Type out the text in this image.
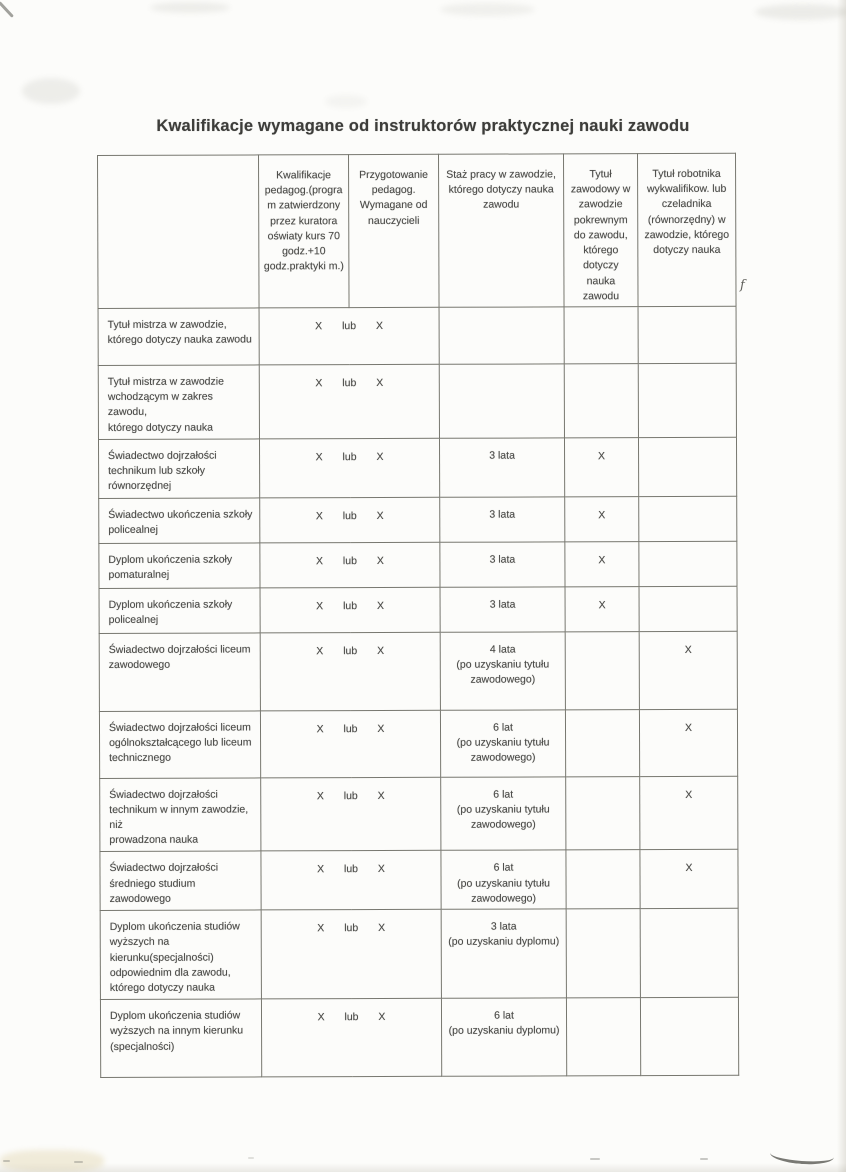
Kwalifikacje wymagane od instruktorów praktycznej nauki zawodu
	Kwalifikacje
pedagog.(progra
m zatwierdzony
przez kuratora
oświaty kurs 70
godz.+10
godz.praktyki m.)	Przygotowanie
pedagog.
Wymagane od
nauczycieli	Staż pracy w zawodzie,
którego dotyczy nauka
zawodu	Tytuł
zawodowy w
zawodzie
pokrewnym
do zawodu,
którego
dotyczy
nauka
zawodu	Tytuł robotnika
wykwalifikow. lub
czeladnika
(równorzędny) w
zawodzie, którego
dotyczy nauka
Tytuł mistrza w zawodzie,
którego dotyczy nauka zawodu	X lub X				
Tytuł mistrza w zawodzie
wchodzącym w zakres zawodu,
którego dotyczy nauka	X lub X				
Świadectwo dojrzałości
technikum lub szkoły
równorzędnej	X lub X		3 lata	X	
Świadectwo ukończenia szkoły
policealnej	X lub X		3 lata	X	
Dyplom ukończenia szkoły
pomaturalnej	X lub X		3 lata	X	
Dyplom ukończenia szkoły
policealnej	X lub X		3 lata	X	
Świadectwo dojrzałości liceum
zawodowego	X lub X		4 lata
(po uzyskaniu tytułu
zawodowego)		X
Świadectwo dojrzałości liceum
ogólnokształcącego lub liceum
technicznego	X lub X		6 lat
(po uzyskaniu tytułu
zawodowego)		X
Świadectwo dojrzałości
technikum w innym zawodzie, niż
prowadzona nauka	X lub X		6 lat
(po uzyskaniu tytułu
zawodowego)		X
Świadectwo dojrzałości
średniego studium zawodowego	X lub X		6 lat
(po uzyskaniu tytułu
zawodowego)		X
Dyplom ukończenia studiów
wyższych na
kierunku(specjalności)
odpowiednim dla zawodu,
którego dotyczy nauka	X lub X		3 lata
(po uzyskaniu dyplomu)		
Dyplom ukończenia studiów
wyższych na innym kierunku
(specjalności)	X lub X		6 lat
(po uzyskaniu dyplomu)		
f
